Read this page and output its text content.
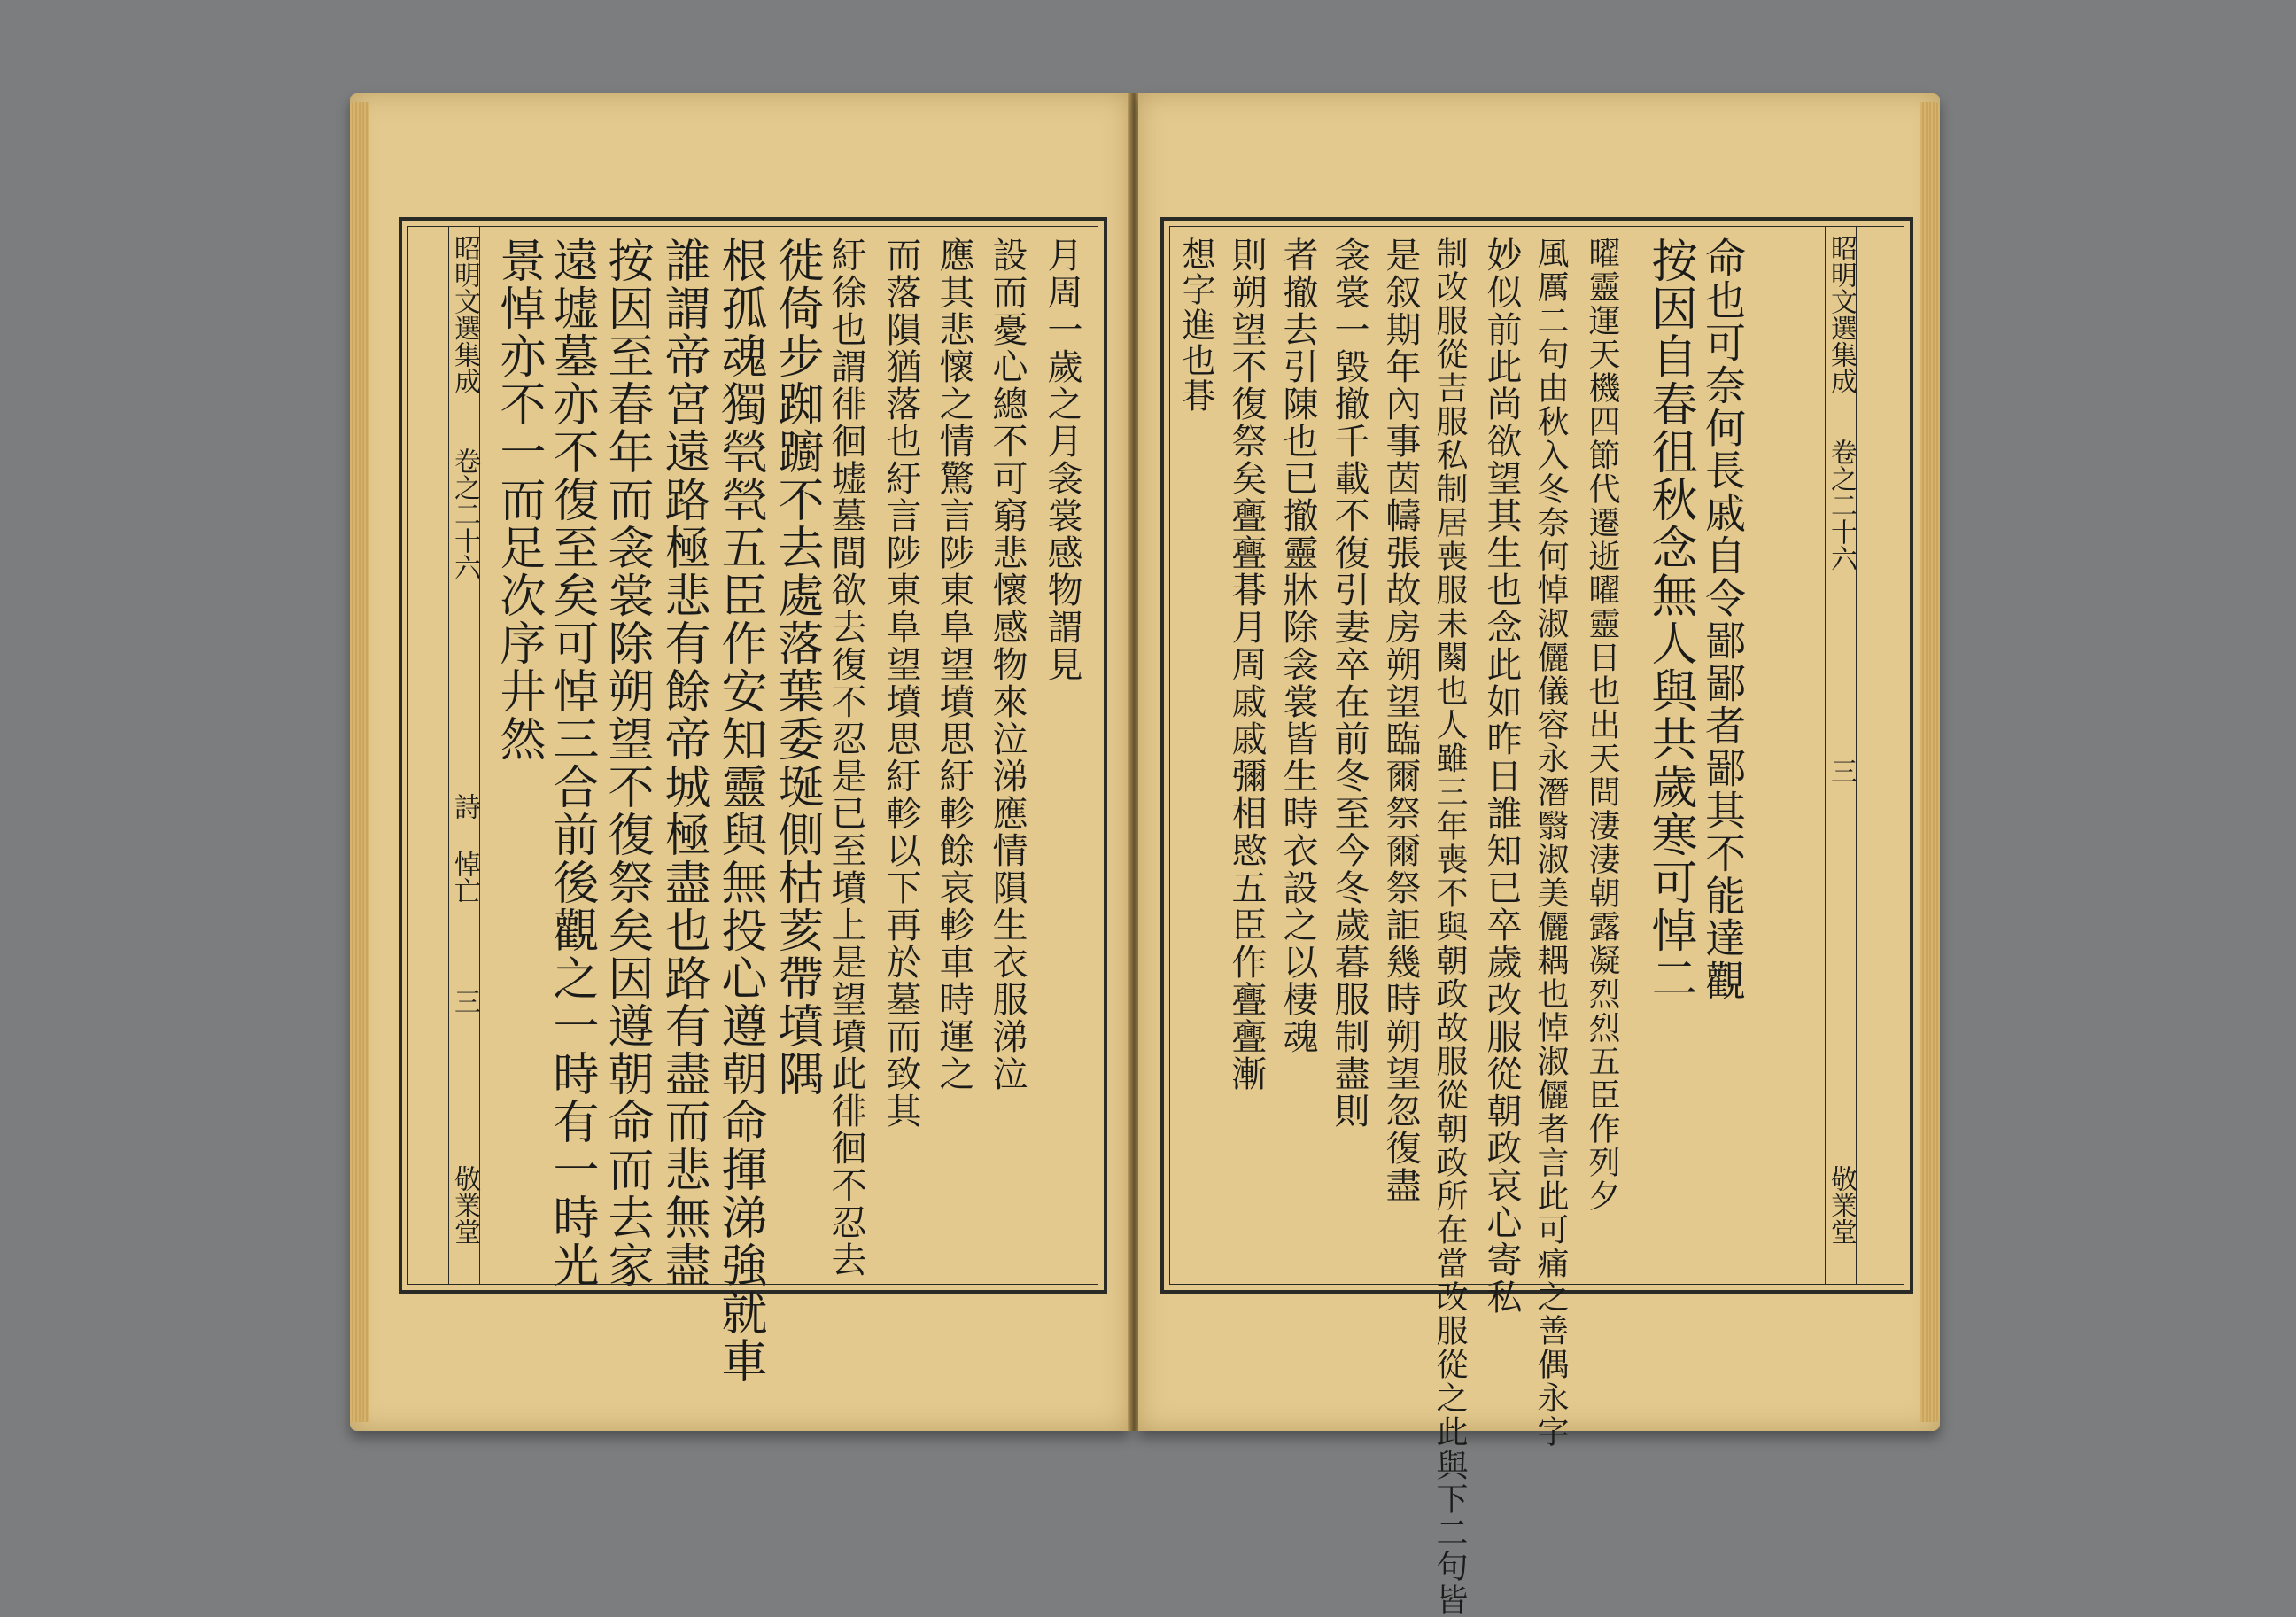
昭明文選集成
卷之二十六
詩 悼亡
三
敬業堂
景悼亦不一而足次序井然 遠墟墓亦不復至矣可悼三合前後觀之一時有一時光 按因至春年而衾裳除朔望不復祭矣因遵朝命而去家 誰謂帝宮遠路極悲有餘帝城極盡也路有盡而悲無盡 根孤魂獨煢煢五臣作安知靈與無投心遵朝命揮涕強就車 徙倚步踟躕不去處落葉委埏側枯荄帶墳隅 紆徐也謂徘徊墟墓間欲去復不忍是已至墳上是望墳此徘徊不忍去 而落隕猶落也紆言陟東阜望墳思紆軫以下再於墓而致其 應其悲懷之情驚言陟東阜望墳思紆軫餘哀軫車時運之 設而憂心總不可窮悲懷感物來泣涕應情隕生衣服涕泣 月周一歲之月衾裳感物謂見	想字進也朞 則朔望不復祭矣亹亹朞月周戚戚彌相愍五臣作亹亹漸 者撤去引陳也已撤靈牀除衾裳皆生時衣設之以棲魂 衾裳一毀撤千載不復引妻卒在前冬至今冬歲暮服制盡則 是叙期年內事茵幬張故房朔望臨爾祭爾祭詎幾時朔望忽復盡 制改服從吉服私制居喪服未闋也人雖三年喪不與朝政故服從朝政所在當改服從之此與下二句皆 妙似前此尚欲望其生也念此如昨日誰知已卒歲改服從朝政哀心寄私 風厲二句由秋入冬奈何悼淑儷儀容永潛翳淑美儷耦也悼淑儷者言此可痛之善偶永字 曜靈運天機四節代遷逝曜靈日也出天問淒淒朝露凝烈烈五臣作列夕 按因自春徂秋念無人與共歲寒可悼二 命也可奈何長戚自令鄙鄙者鄙其不能達觀	昭明文選集成
卷之二十六
三
敬業堂
